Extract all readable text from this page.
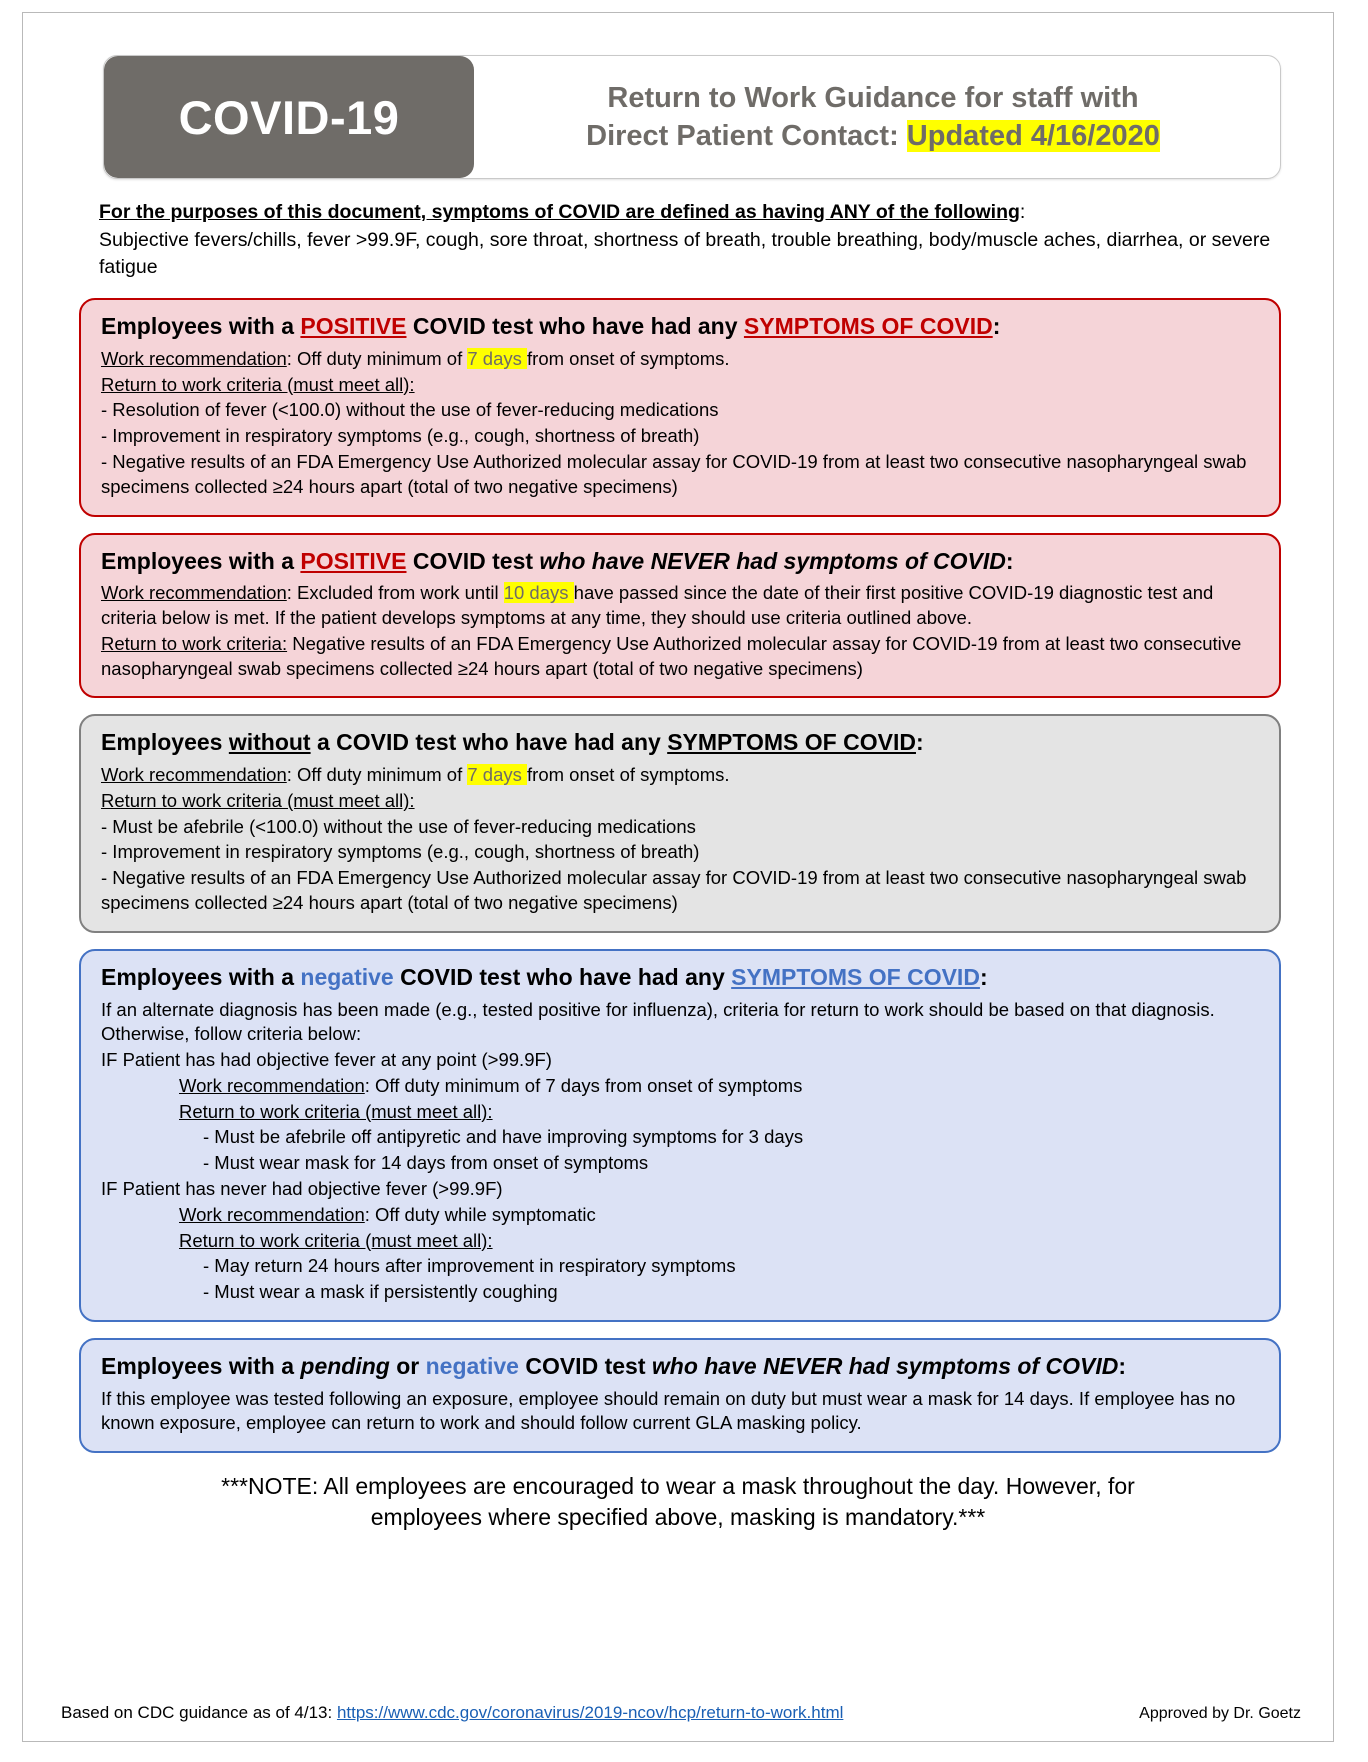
COVID-19	Return to Work Guidance for staff with
Direct Patient Contact: Updated 4/16/2020
For the purposes of this document, symptoms of COVID are defined as having ANY of the following:
Subjective fevers/chills, fever >99.9F, cough, sore throat, shortness of breath, trouble breathing, body/muscle aches, diarrhea, or severe fatigue
Employees with a POSITIVE COVID test who have had any SYMPTOMS OF COVID:

Work recommendation: Off duty minimum of 7 days from onset of symptoms.

Return to work criteria (must meet all):

- Resolution of fever (<100.0) without the use of fever-reducing medications

- Improvement in respiratory symptoms (e.g., cough, shortness of breath)

- Negative results of an FDA Emergency Use Authorized molecular assay for COVID-19 from at least two consecutive nasopharyngeal swab specimens collected ≥24 hours apart (total of two negative specimens)

Employees with a POSITIVE COVID test who have NEVER had symptoms of COVID:

Work recommendation: Excluded from work until 10 days have passed since the date of their first positive COVID-19 diagnostic test and criteria below is met. If the patient develops symptoms at any time, they should use criteria outlined above.

Return to work criteria: Negative results of an FDA Emergency Use Authorized molecular assay for COVID-19 from at least two consecutive nasopharyngeal swab specimens collected ≥24 hours apart (total of two negative specimens)

Employees without a COVID test who have had any SYMPTOMS OF COVID:

Work recommendation: Off duty minimum of 7 days from onset of symptoms.

Return to work criteria (must meet all):

- Must be afebrile (<100.0) without the use of fever-reducing medications

- Improvement in respiratory symptoms (e.g., cough, shortness of breath)

- Negative results of an FDA Emergency Use Authorized molecular assay for COVID-19 from at least two consecutive nasopharyngeal swab specimens collected ≥24 hours apart (total of two negative specimens)

Employees with a negative COVID test who have had any SYMPTOMS OF COVID:

If an alternate diagnosis has been made (e.g., tested positive for influenza), criteria for return to work should be based on that diagnosis. Otherwise, follow criteria below:

IF Patient has had objective fever at any point (>99.9F)

Work recommendation: Off duty minimum of 7 days from onset of symptoms

Return to work criteria (must meet all):

- Must be afebrile off antipyretic and have improving symptoms for 3 days

- Must wear mask for 14 days from onset of symptoms

IF Patient has never had objective fever (>99.9F)

Work recommendation: Off duty while symptomatic

Return to work criteria (must meet all):

- May return 24 hours after improvement in respiratory symptoms

- Must wear a mask if persistently coughing

Employees with a pending or negative COVID test who have NEVER had symptoms of COVID:

If this employee was tested following an exposure, employee should remain on duty but must wear a mask for 14 days. If employee has no known exposure, employee can return to work and should follow current GLA masking policy.

***NOTE: All employees are encouraged to wear a mask throughout the day. However, for
employees where specified above, masking is mandatory.***
Based on CDC guidance as of 4/13: https://www.cdc.gov/coronavirus/2019-ncov/hcp/return-to-work.html	Approved by Dr. Goetz
